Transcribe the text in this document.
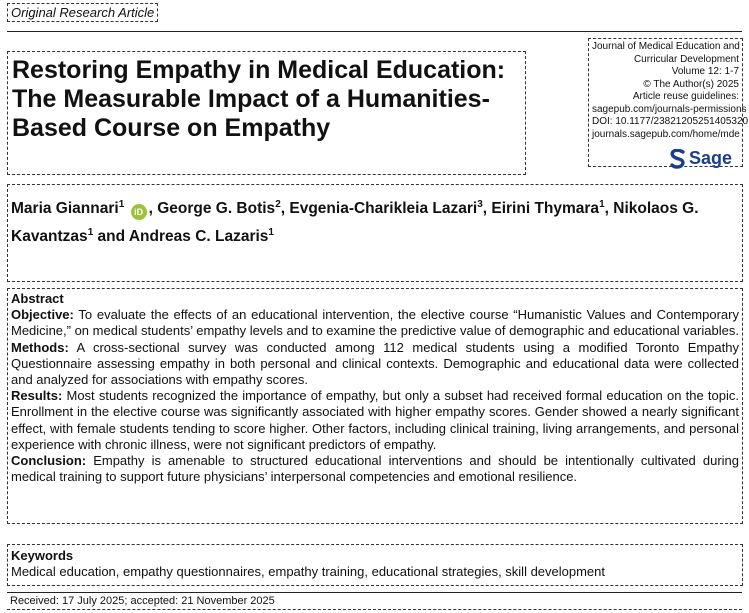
Original Research Article
Restoring Empathy in Medical Education: The Measurable Impact of a Humanities-Based Course on Empathy
Journal of Medical Education and
Curricular Development
Volume 12: 1-7
© The Author(s) 2025
Article reuse guidelines:
sagepub.com/journals-permissions
DOI: 10.1177/23821205251405320
journals.sagepub.com/home/mde
Sage

Maria Giannari$^1$ iD , George G. Botis$^2$, Evgenia-Charikleia Lazari$^3$, Eirini Thymara$^1$, Nikolaos G. Kavantzas$^1$ and Andreas C. Lazaris$^1$

Abstract

Objective: To evaluate the effects of an educational intervention, the elective course “Humanistic Values and Contemporary Medicine,” on medical students’ empathy levels and to examine the predictive value of demographic and educational variables.

Methods: A cross-sectional survey was conducted among 112 medical students using a modified Toronto Empathy Questionnaire assessing empathy in both personal and clinical contexts. Demographic and educational data were collected and analyzed for associations with empathy scores.

Results: Most students recognized the importance of empathy, but only a subset had received formal education on the topic. Enrollment in the elective course was significantly associated with higher empathy scores. Gender showed a nearly significant effect, with female students tending to score higher. Other factors, including clinical training, living arrangements, and personal experience with chronic illness, were not significant predictors of empathy.

Conclusion: Empathy is amenable to structured educational interventions and should be intentionally cultivated during medical training to support future physicians’ interpersonal competencies and emotional resilience.

Keywords
Medical education, empathy questionnaires, empathy training, educational strategies, skill development
Received: 17 July 2025; accepted: 21 November 2025
